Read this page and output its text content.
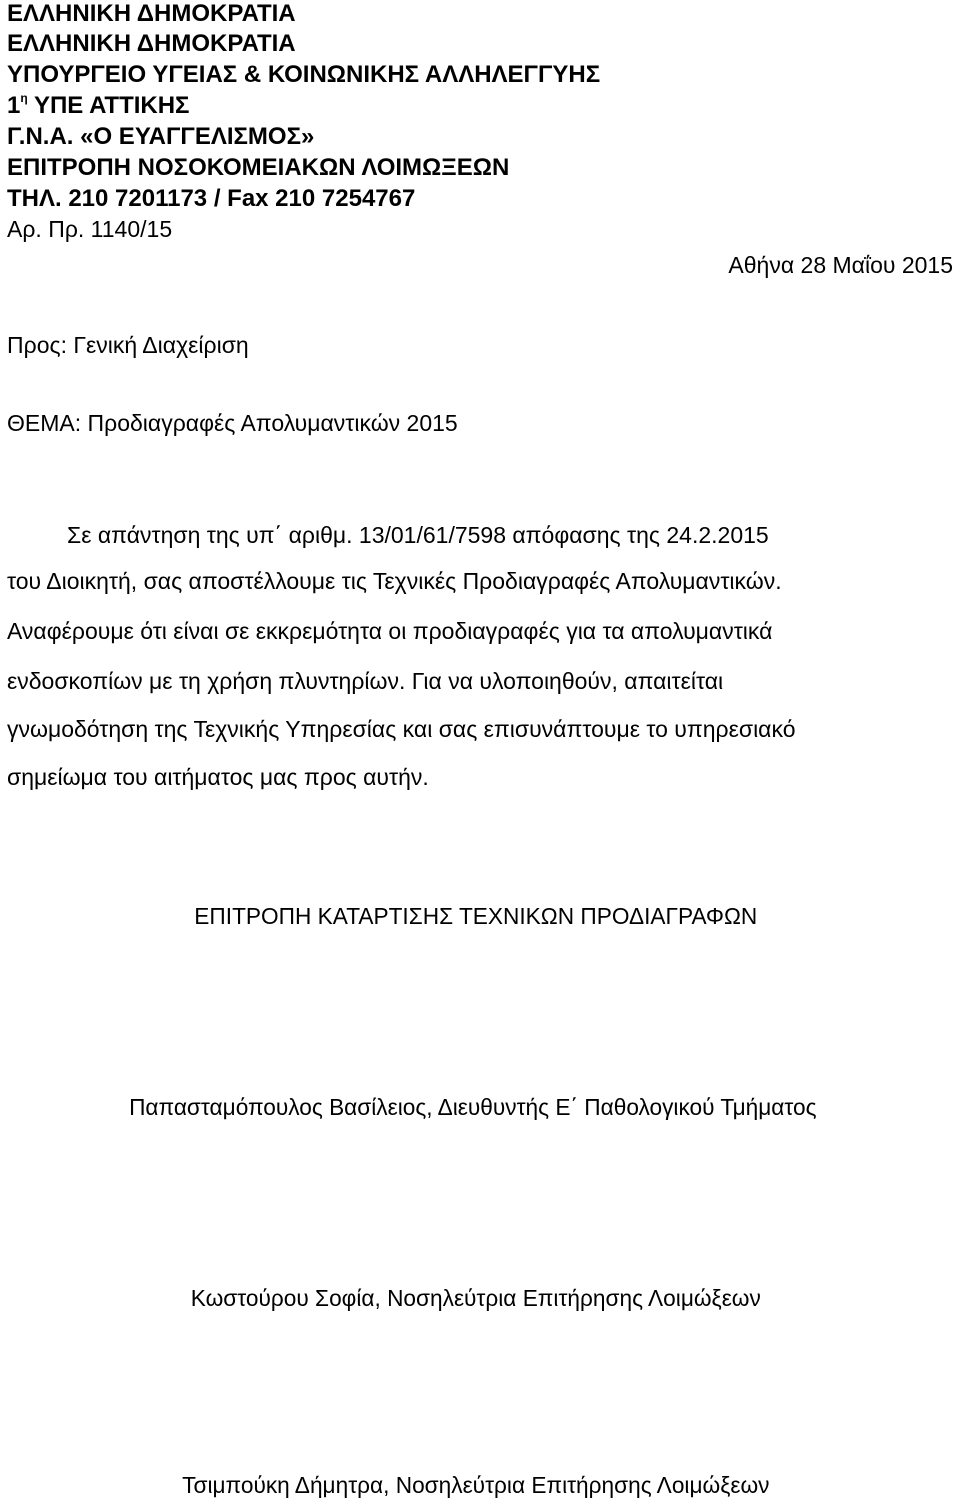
ΕΛΛΗΝΙΚΗ ΔΗΜΟΚΡΑΤΙΑ
ΕΛΛΗΝΙΚΗ ΔΗΜΟΚΡΑΤΙΑ
ΥΠΟΥΡΓΕΙΟ ΥΓΕΙΑΣ & ΚΟΙΝΩΝΙΚΗΣ ΑΛΛΗΛΕΓΓΥΗΣ
$1^\eta$ ΥΠΕ ΑΤΤΙΚΗΣ
Γ.Ν.Α. «Ο ΕΥΑΓΓΕΛΙΣΜΟΣ»
ΕΠΙΤΡΟΠΗ ΝΟΣΟΚΟΜΕΙΑΚΩΝ ΛΟΙΜΩΞΕΩΝ
ΤΗΛ. 210 7201173 / Fax 210 7254767
Αρ. Πρ. 1140/15
Αθήνα 28 Μαΐου 2015
Προς: Γενική Διαχείριση
ΘΕΜΑ: Προδιαγραφές Απολυμαντικών 2015
Σε απάντηση της υπ΄ αριθμ. 13/01/61/7598 απόφασης της 24.2.2015
του Διοικητή, σας αποστέλλουμε τις Τεχνικές Προδιαγραφές Απολυμαντικών.
Αναφέρουμε ότι είναι σε εκκρεμότητα οι προδιαγραφές για τα απολυμαντικά
ενδοσκοπίων με τη χρήση πλυντηρίων. Για να υλοποιηθούν, απαιτείται
γνωμοδότηση της Τεχνικής Υπηρεσίας και σας επισυνάπτουμε το υπηρεσιακό
σημείωμα του αιτήματος μας προς αυτήν.
ΕΠΙΤΡΟΠΗ ΚΑΤΑΡΤΙΣΗΣ ΤΕΧΝΙΚΩΝ ΠΡΟΔΙΑΓΡΑΦΩΝ
Παπασταμόπουλος Βασίλειος, Διευθυντής Ε΄ Παθολογικού Τμήματος
Κωστούρου Σοφία, Νοσηλεύτρια Επιτήρησης Λοιμώξεων
Τσιμπούκη Δήμητρα, Νοσηλεύτρια Επιτήρησης Λοιμώξεων
